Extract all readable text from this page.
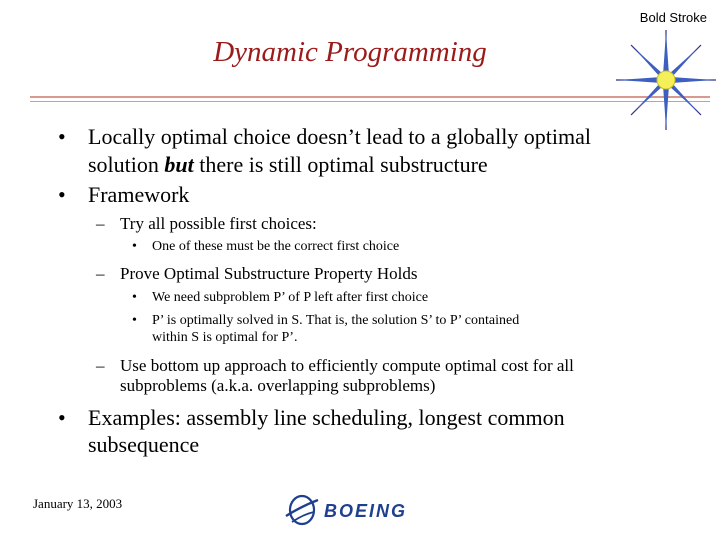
Bold Stroke
Dynamic Programming
• Locally optimal choice doesn’t lead to a globally optimal
solution but there is still optimal substructure
• Framework
– Try all possible first choices:
• One of these must be the correct first choice
– Prove Optimal Substructure Property Holds
• We need subproblem P’ of P left after first choice
• P’ is optimally solved in S. That is, the solution S’ to P’ contained
within S is optimal for P’.
– Use bottom up approach to efficiently compute optimal cost for all
subproblems (a.k.a. overlapping subproblems)
• Examples: assembly line scheduling, longest common
subsequence
January 13, 2003	BOEING
